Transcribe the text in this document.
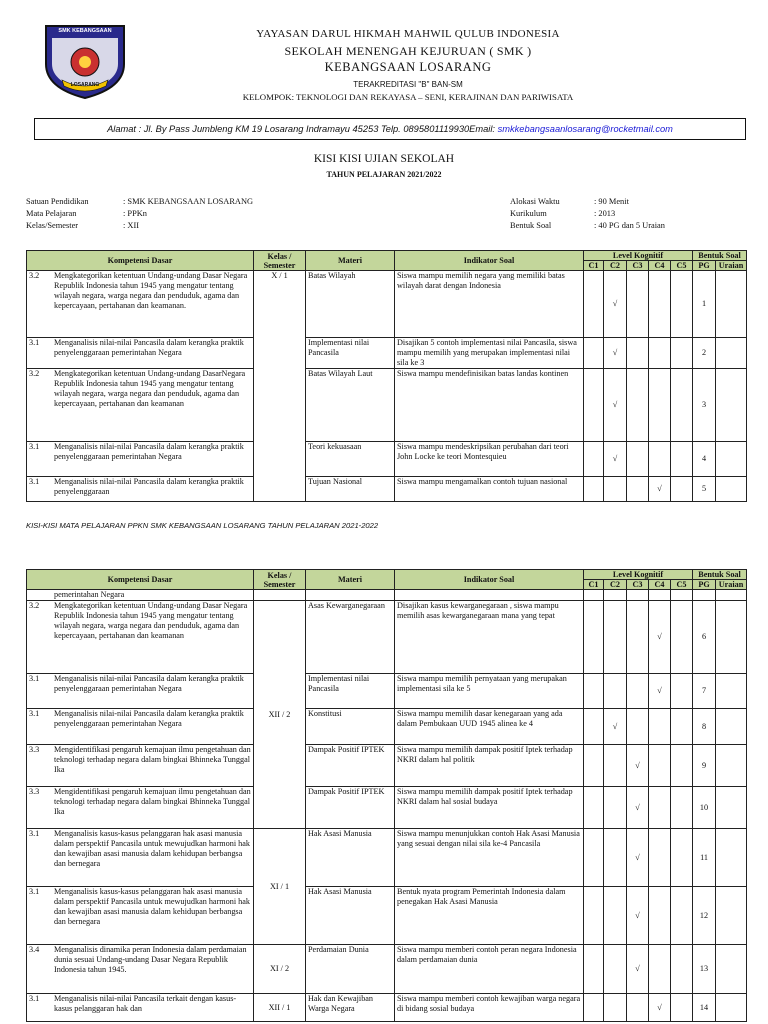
SMK KEBANGSAAN
LOSARANG
YAYASAN DARUL HIKMAH MAHWIL QULUB INDONESIA
SEKOLAH MENENGAH KEJURUAN ( SMK )
KEBANGSAAN LOSARANG
TERAKREDITASI "B" BAN-SM
KELOMPOK: TEKNOLOGI DAN REKAYASA – SENI, KERAJINAN DAN PARIWISATA
Alamat : Jl. By Pass Jumbleng KM 19 Losarang Indramayu 45253 Telp. 0895801119930Email: smkkebangsaanlosarang@rocketmail.com
KISI KISI UJIAN SEKOLAH
TAHUN PELAJARAN 2021/2022
Satuan Pendidikan	: SMK KEBANGSAAN LOSARANG
Mata Pelajaran	: PPKn
Kelas/Semester	: XII
Alokasi Waktu	: 90 Menit
Kurikulum	: 2013
Bentuk Soal	: 40 PG dan 5 Uraian
Kompetensi Dasar	Kelas / Semester	Materi	Indikator Soal	Level Kognitif					Bentuk Soal	
				C1	C2	C3	C4	C5	PG	Uraian

3.2 Mengkategorikan ketentuan Undang-undang Dasar Negara Republik Indonesia tahun 1945 yang mengatur tentang wilayah negara, warga negara dan penduduk, agama dan kepercayaan, pertahanan dan keamanan.	X / 1	Batas Wilayah	Siswa mampu memilih negara yang memiliki batas wilayah darat dengan Indonesia		√				1	

3.1 Menganalisis nilai-nilai Pancasila dalam kerangka praktik penyelenggaraan pemerintahan Negara		Implementasi nilai Pancasila	Disajikan 5 contoh implementasi nilai Pancasila, siswa mampu memilih yang merupakan implementasi nilai sila ke 3		√				2	

3.2 Mengkategorikan ketentuan Undang-undang DasarNegara Republik Indonesia tahun 1945 yang mengatur tentang wilayah negara, warga negara dan penduduk, agama dan kepercayaan, pertahanan dan keamanan		Batas Wilayah Laut	Siswa mampu mendefinisikan batas landas kontinen		√				3	

3.1 Menganalisis nilai-nilai Pancasila dalam kerangka praktik penyelenggaraan pemerintahan Negara		Teori kekuasaan	Siswa mampu mendeskripsikan perubahan dari teori John Locke ke teori Montesquieu		√				4	

3.1 Menganalisis nilai-nilai Pancasila dalam kerangka praktik penyelenggaraan		Tujuan Nasional	Siswa mampu mengamalkan contoh tujuan nasional				√		5	
KISI-KISI MATA PELAJARAN PPKN SMK KEBANGSAAN LOSARANG TAHUN PELAJARAN 2021-2022
Kompetensi Dasar	Kelas / Semester	Materi	Indikator Soal	Level Kognitif					Bentuk Soal	
				C1	C2	C3	C4	C5	PG	Uraian

pemerintahan Negara										

3.2 Mengkategorikan ketentuan Undang-undang Dasar Negara Republik Indonesia tahun 1945 yang mengatur tentang wilayah negara, warga negara dan penduduk, agama dan kepercayaan, pertahanan dan keamanan	XII / 2	Asas Kewarganegaraan	Disajikan kasus kewarganegaraan , siswa mampu memilih asas kewarganegaraan mana yang tepat				√		6	

3.1 Menganalisis nilai-nilai Pancasila dalam kerangka praktik penyelenggaraan pemerintahan Negara		Implementasi nilai Pancasila	Siswa mampu memilih pernyataan yang merupakan implementasi sila ke 5				√		7	

3.1 Menganalisis nilai-nilai Pancasila dalam kerangka praktik penyelenggaraan pemerintahan Negara		Konstitusi	Siswa mampu memilih dasar kenegaraan yang ada dalam Pembukaan UUD 1945 alinea ke 4		√				8	

3.3 Mengidentifikasi pengaruh kemajuan ilmu pengetahuan dan teknologi terhadap negara dalam bingkai Bhinneka Tunggal Ika		Dampak Positif IPTEK	Siswa mampu memilih dampak positif Iptek terhadap NKRI dalam hal politik			√			9	

3.3 Mengidentifikasi pengaruh kemajuan ilmu pengetahuan dan teknologi terhadap negara dalam bingkai Bhinneka Tunggal Ika		Dampak Positif IPTEK	Siswa mampu memilih dampak positif Iptek terhadap NKRI dalam hal sosial budaya			√			10	

3.1 Menganalisis kasus-kasus pelanggaran hak asasi manusia dalam perspektif Pancasila untuk mewujudkan harmoni hak dan kewajiban asasi manusia dalam kehidupan berbangsa dan bernegara	XI / 1	Hak Asasi Manusia	Siswa mampu menunjukkan contoh Hak Asasi Manusia yang sesuai dengan nilai sila ke-4 Pancasila			√			11	

3.1 Menganalisis kasus-kasus pelanggaran hak asasi manusia dalam perspektif Pancasila untuk mewujudkan harmoni hak dan kewajiban asasi manusia dalam kehidupan berbangsa dan bernegara		Hak Asasi Manusia	Bentuk nyata program Pemerintah Indonesia dalam penegakan Hak Asasi Manusia			√			12	

3.4 Menganalisis dinamika peran Indonesia dalam perdamaian dunia sesuai Undang-undang Dasar Negara Republik Indonesia tahun 1945.	XI / 2	Perdamaian Dunia	Siswa mampu memberi contoh peran negara Indonesia dalam perdamaian dunia			√			13	

3.1 Menganalisis nilai-nilai Pancasila terkait dengan kasus-kasus pelanggaran hak dan	XII / 1	Hak dan Kewajiban Warga Negara	Siswa mampu memberi contoh kewajiban warga negara di bidang sosial budaya				√		14	
